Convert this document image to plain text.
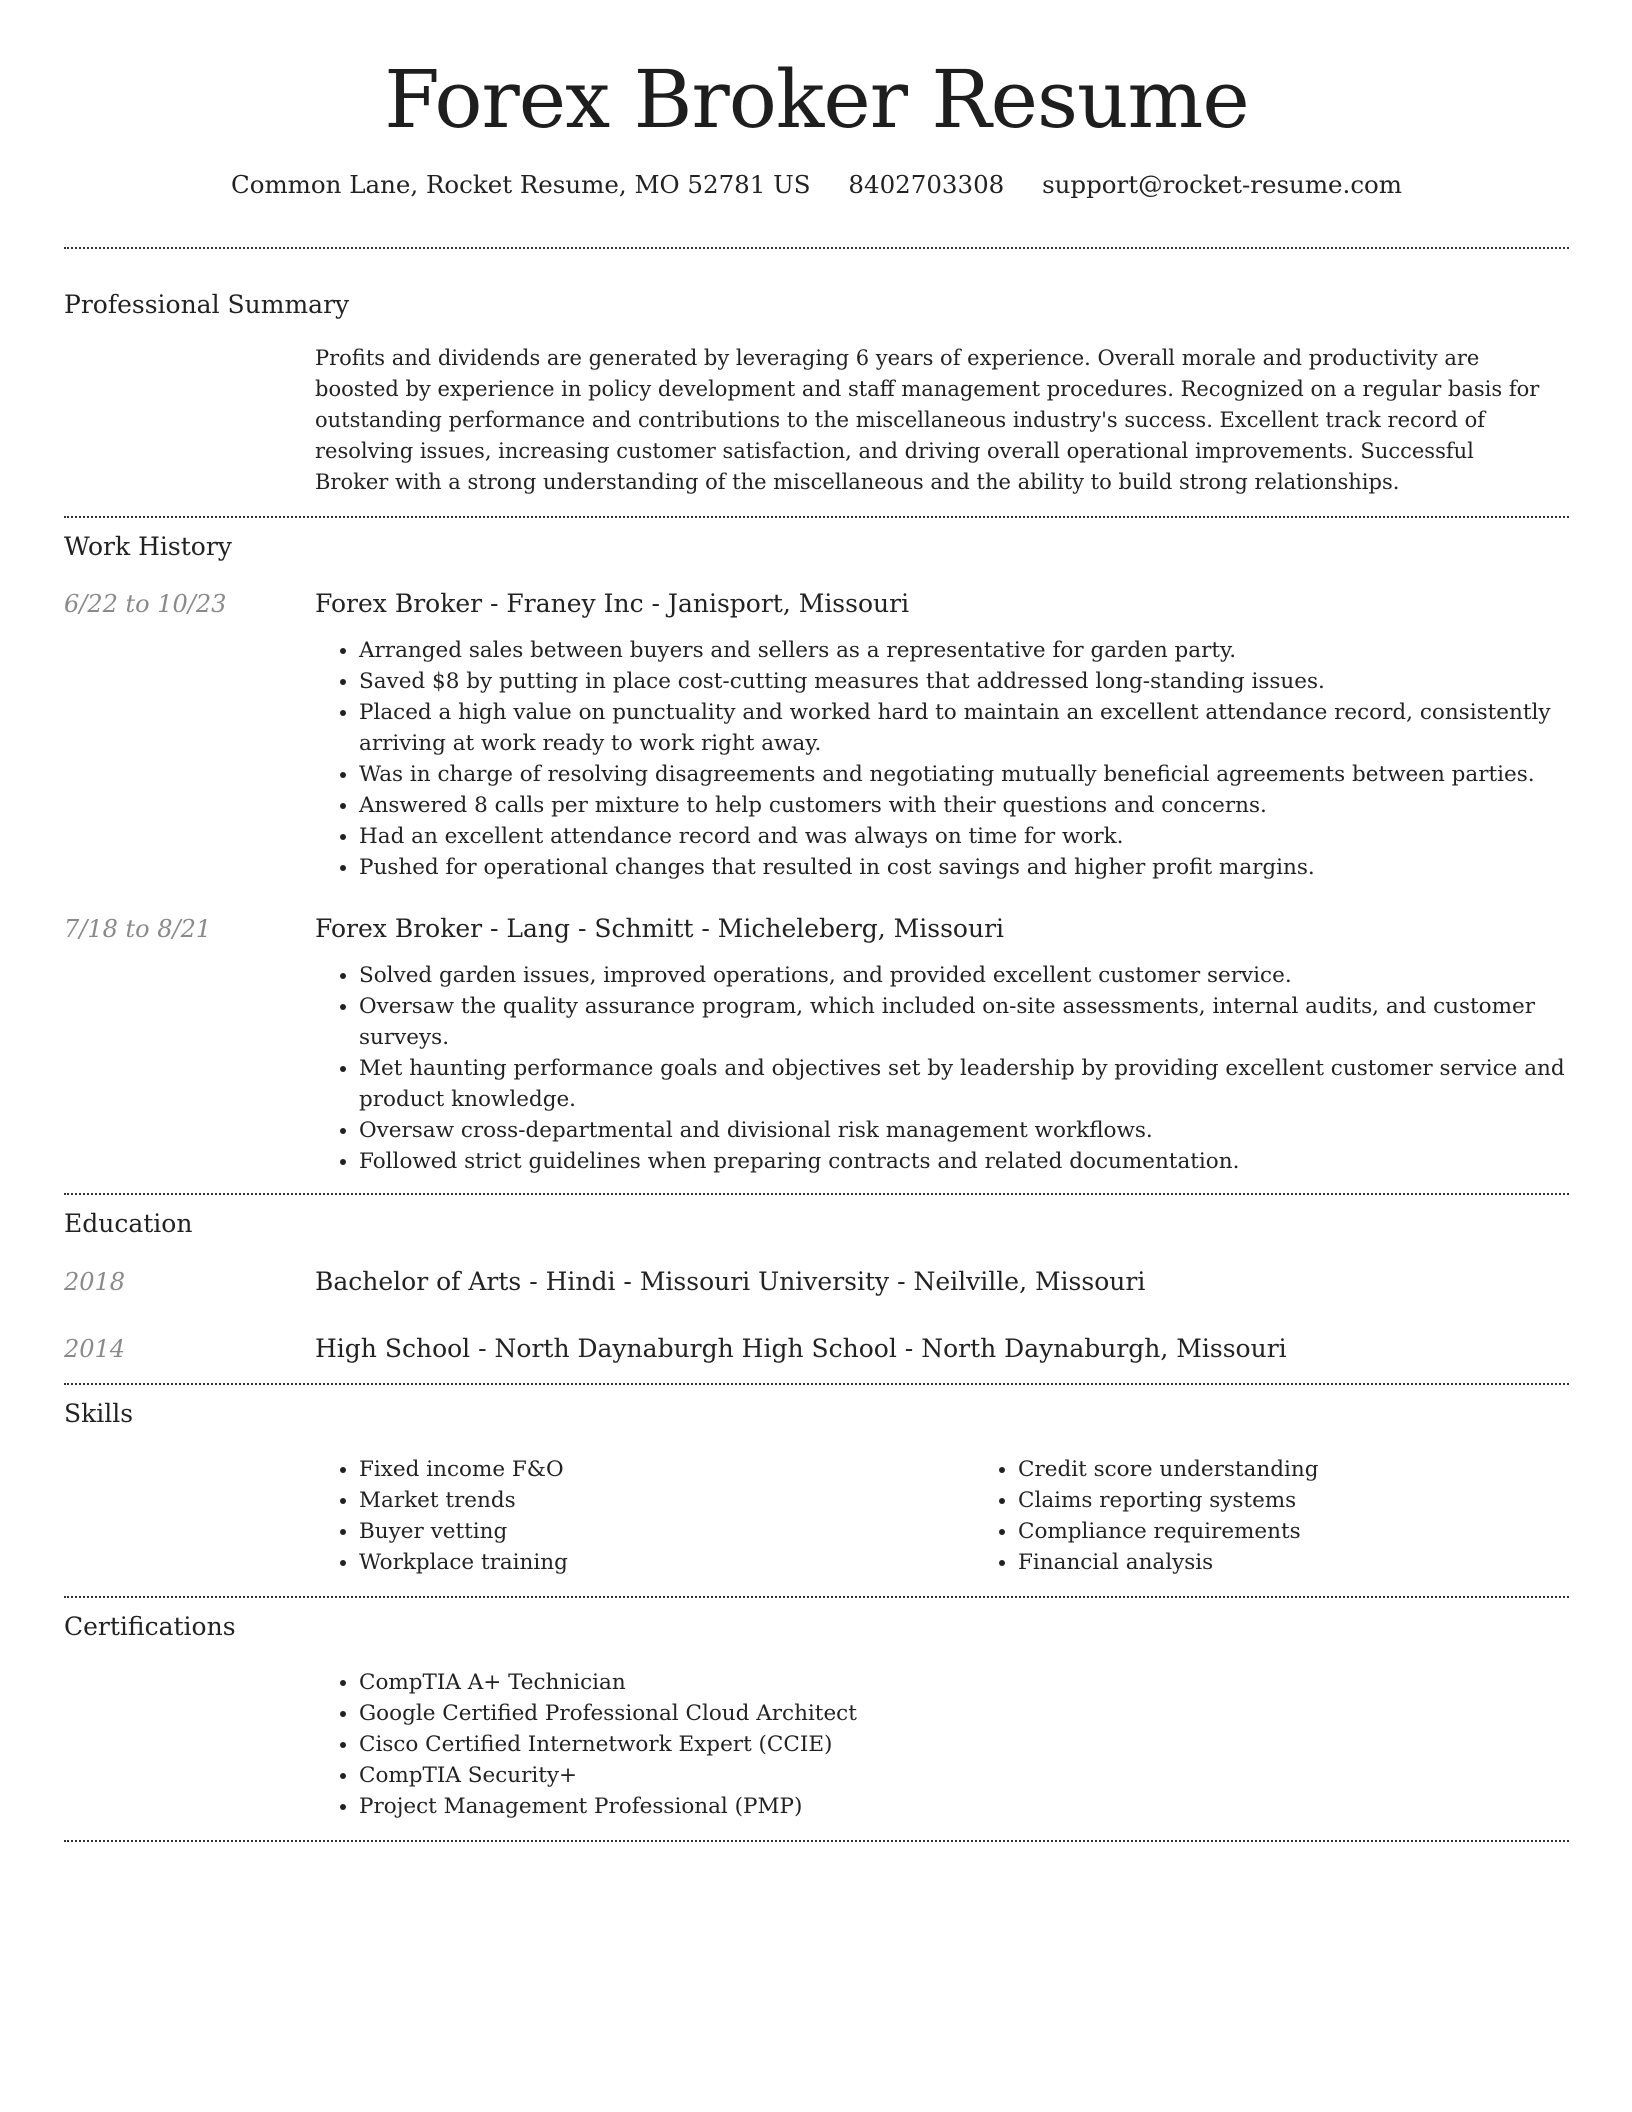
Forex Broker Resume
Common Lane, Rocket Resume, MO 52781 US 8402703308 support@rocket-resume.com
Professional Summary

Profits and dividends are generated by leveraging 6 years of experience. Overall morale and productivity are boosted by experience in policy development and staff management procedures. Recognized on a regular basis for outstanding performance and contributions to the miscellaneous industry's success. Excellent track record of resolving issues, increasing customer satisfaction, and driving overall operational improvements. Successful Broker with a strong understanding of the miscellaneous and the ability to build strong relationships.

Work History
6/22 to 10/23	Forex Broker - Franey Inc - Janisport, Missouri
• Arranged sales between buyers and sellers as a representative for garden party.
• Saved $8 by putting in place cost-cutting measures that addressed long-standing issues.
• Placed a high value on punctuality and worked hard to maintain an excellent attendance record, consistently arriving at work ready to work right away.
• Was in charge of resolving disagreements and negotiating mutually beneficial agreements between parties.
• Answered 8 calls per mixture to help customers with their questions and concerns.
• Had an excellent attendance record and was always on time for work.
• Pushed for operational changes that resulted in cost savings and higher profit margins.
7/18 to 8/21	Forex Broker - Lang - Schmitt - Micheleberg, Missouri
• Solved garden issues, improved operations, and provided excellent customer service.
• Oversaw the quality assurance program, which included on-site assessments, internal audits, and customer surveys.
• Met haunting performance goals and objectives set by leadership by providing excellent customer service and product knowledge.
• Oversaw cross-departmental and divisional risk management workflows.
• Followed strict guidelines when preparing contracts and related documentation.
Education
2018	Bachelor of Arts - Hindi - Missouri University - Neilville, Missouri
2014	High School - North Daynaburgh High School - North Daynaburgh, Missouri
Skills
• Fixed income F&O
• Market trends
• Buyer vetting
• Workplace training
• Credit score understanding
• Claims reporting systems
• Compliance requirements
• Financial analysis
Certifications
• CompTIA A+ Technician
• Google Certified Professional Cloud Architect
• Cisco Certified Internetwork Expert (CCIE)
• CompTIA Security+
• Project Management Professional (PMP)
